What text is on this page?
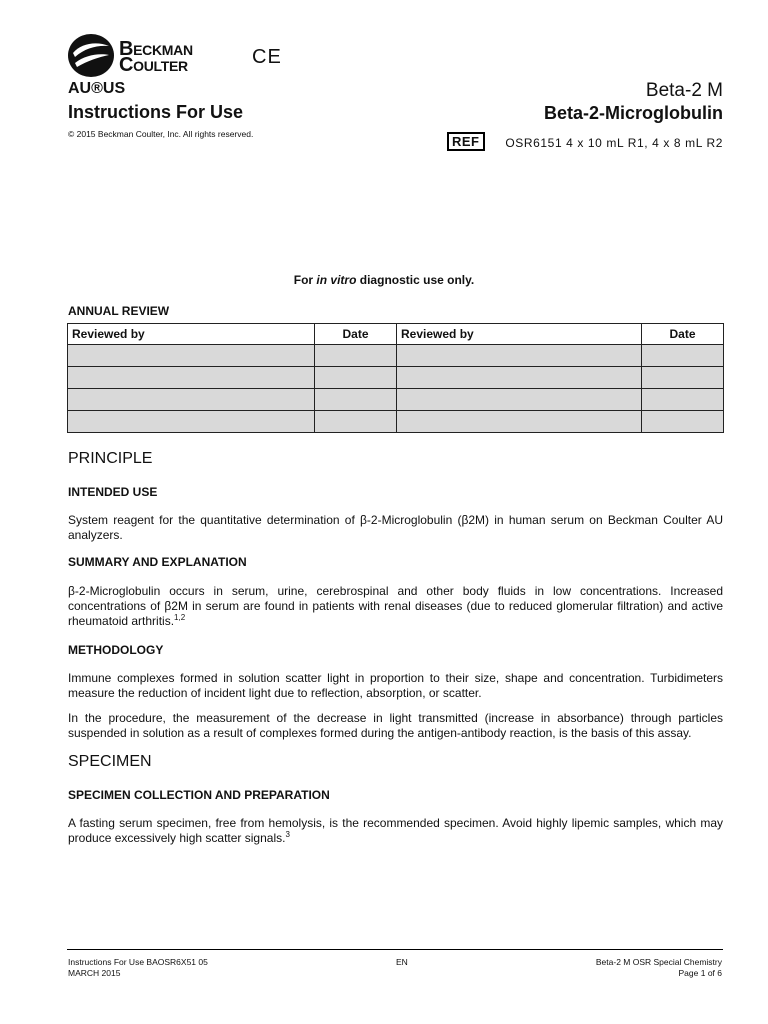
Beckman
Coulter	CE
AU®US
Instructions For Use
© 2015 Beckman Coulter, Inc. All rights reserved.
Beta-2 M
Beta-2-Microglobulin
REF	OSR6151 4 x 10 mL R1, 4 x 8 mL R2
For in vitro diagnostic use only.
ANNUAL REVIEW
Reviewed by	Date	Reviewed by	Date

PRINCIPLE
INTENDED USE
System reagent for the quantitative determination of β-2-Microglobulin (β2M) in human serum on Beckman Coulter AU analyzers.
SUMMARY AND EXPLANATION
β-2-Microglobulin occurs in serum, urine, cerebrospinal and other body fluids in low concentrations. Increased concentrations of β2M in serum are found in patients with renal diseases (due to reduced glomerular filtration) and active rheumatoid arthritis.$^{1,2}$
METHODOLOGY
Immune complexes formed in solution scatter light in proportion to their size, shape and concentration. Turbidimeters measure the reduction of incident light due to reflection, absorption, or scatter.
In the procedure, the measurement of the decrease in light transmitted (increase in absorbance) through particles suspended in solution as a result of complexes formed during the antigen-antibody reaction, is the basis of this assay.
SPECIMEN
SPECIMEN COLLECTION AND PREPARATION
A fasting serum specimen, free from hemolysis, is the recommended specimen. Avoid highly lipemic samples, which may produce excessively high scatter signals.$^3$
Instructions For Use BAOSR6X51 05
MARCH 2015
EN	Beta-2 M OSR Special Chemistry
Page 1 of 6
